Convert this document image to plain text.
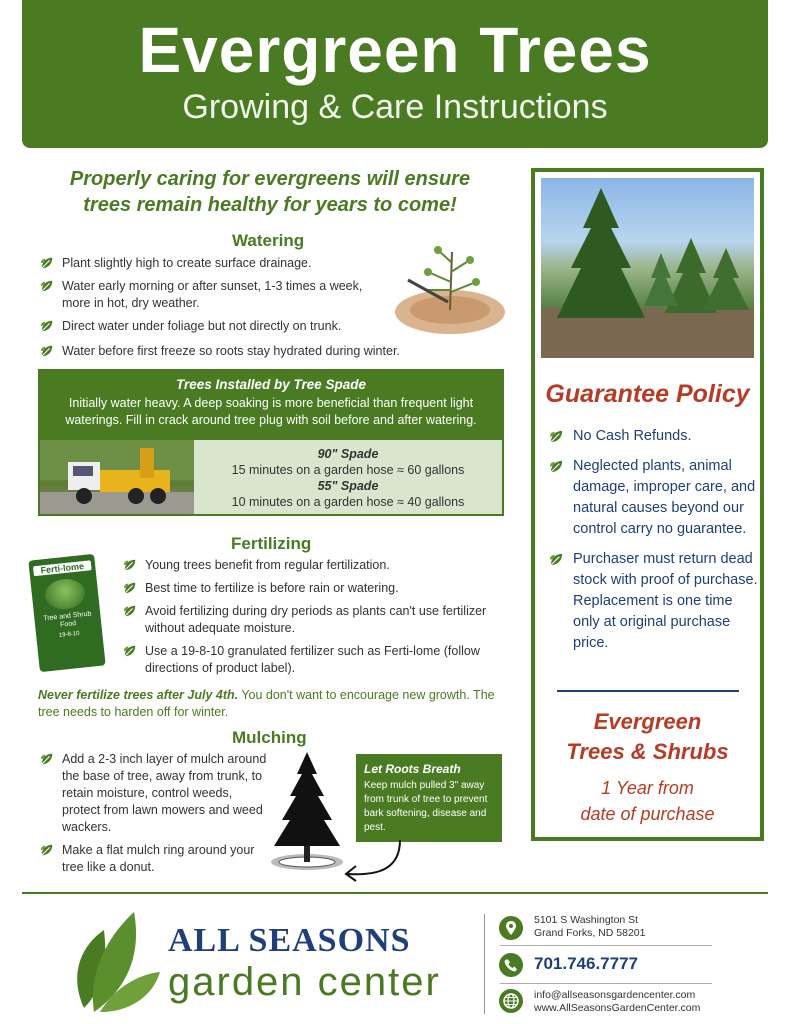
Evergreen Trees
Growing & Care Instructions
Properly caring for evergreens will ensure
trees remain healthy for years to come!
Watering
Plant slightly high to create surface drainage.
Water early morning or after sunset, 1-3 times a week, more in hot, dry weather.
Direct water under foliage but not directly on trunk.
Water before first freeze so roots stay hydrated during winter.
Trees Installed by Tree Spade
Initially water heavy. A deep soaking is more beneficial than frequent light waterings. Fill in crack around tree plug with soil before and after watering.
90" Spade
15 minutes on a garden hose ≈ 60 gallons
55" Spade
10 minutes on a garden hose ≈ 40 gallons
Fertilizing
Ferti-lome
Tree and Shrub Food
19-8-10
Young trees benefit from regular fertilization.
Best time to fertilize is before rain or watering.
Avoid fertilizing during dry periods as plants can't use fertilizer without adequate moisture.
Use a 19-8-10 granulated fertilizer such as Ferti-lome (follow directions of product label).
Never fertilize trees after July 4th. You don't want to encourage new growth. The tree needs to harden off for winter.
Mulching
Add a 2-3 inch layer of mulch around the base of tree, away from trunk, to retain moisture, control weeds, protect from lawn mowers and weed wackers.
Make a flat mulch ring around your tree like a donut.
Let Roots Breath
Keep mulch pulled 3" away from trunk of tree to prevent bark softening, disease and pest.
Guarantee Policy
No Cash Refunds.
Neglected plants, animal damage, improper care, and natural causes beyond our control carry no guarantee.
Purchaser must return dead stock with proof of purchase. Replacement is one time only at original purchase price.
Evergreen
Trees & Shrubs
1 Year from
date of purchase
ALL SEASONS
garden center
5101 S Washington St
Grand Forks, ND 58201
701.746.7777
info@allseasonsgardencenter.com
www.AllSeasonsGardenCenter.com
